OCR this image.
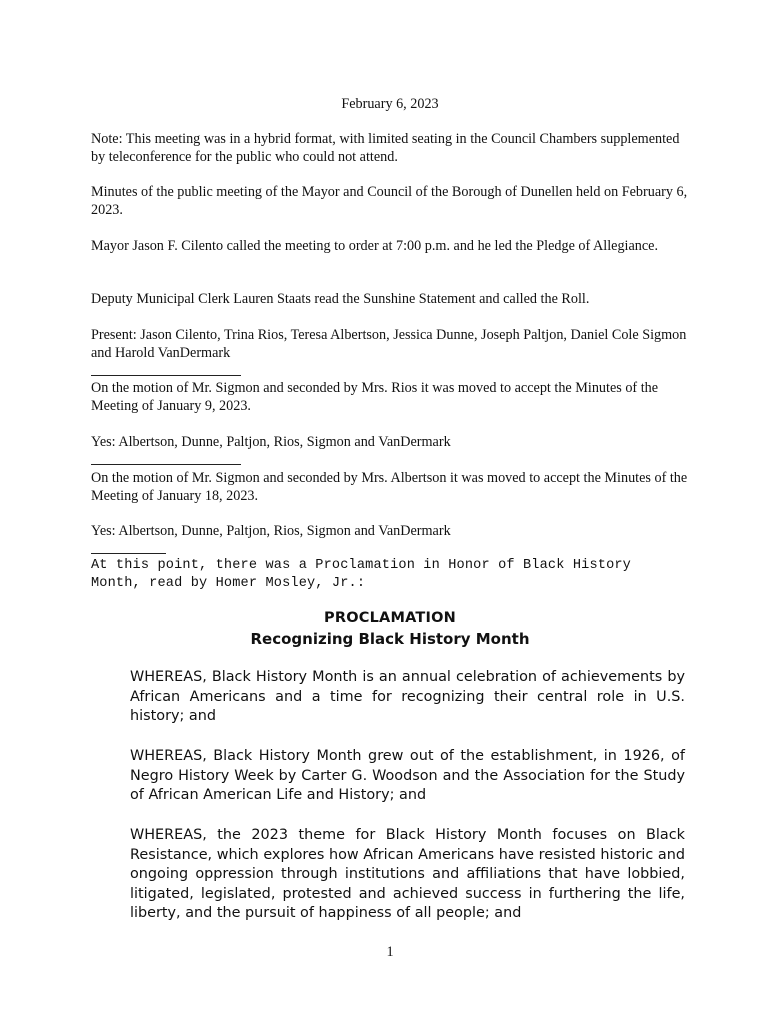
February 6, 2023

Note: This meeting was in a hybrid format, with limited seating in the Council Chambers supplemented by teleconference for the public who could not attend.

Minutes of the public meeting of the Mayor and Council of the Borough of Dunellen held on February 6, 2023.

Mayor Jason F. Cilento called the meeting to order at 7:00 p.m. and he led the Pledge of Allegiance.

Deputy Municipal Clerk Lauren Staats read the Sunshine Statement and called the Roll.

Present: Jason Cilento, Trina Rios, Teresa Albertson, Jessica Dunne, Joseph Paltjon, Daniel Cole Sigmon and Harold VanDermark

On the motion of Mr. Sigmon and seconded by Mrs. Rios it was moved to accept the Minutes of the Meeting of January 9, 2023.

Yes: Albertson, Dunne, Paltjon, Rios, Sigmon and VanDermark

On the motion of Mr. Sigmon and seconded by Mrs. Albertson it was moved to accept the Minutes of the Meeting of January 18, 2023.

Yes: Albertson, Dunne, Paltjon, Rios, Sigmon and VanDermark

At this point, there was a Proclamation in Honor of Black History
Month, read by Homer Mosley, Jr.:
PROCLAMATION
Recognizing Black History Month

WHEREAS, Black History Month is an annual celebration of achievements by African Americans and a time for recognizing their central role in U.S. history; and

WHEREAS, Black History Month grew out of the establishment, in 1926, of Negro History Week by Carter G. Woodson and the Association for the Study of African American Life and History; and

WHEREAS, the 2023 theme for Black History Month focuses on Black Resistance, which explores how African Americans have resisted historic and ongoing oppression through institutions and affiliations that have lobbied, litigated, legislated, protested and achieved success in furthering the life, liberty, and the pursuit of happiness of all people; and

1
